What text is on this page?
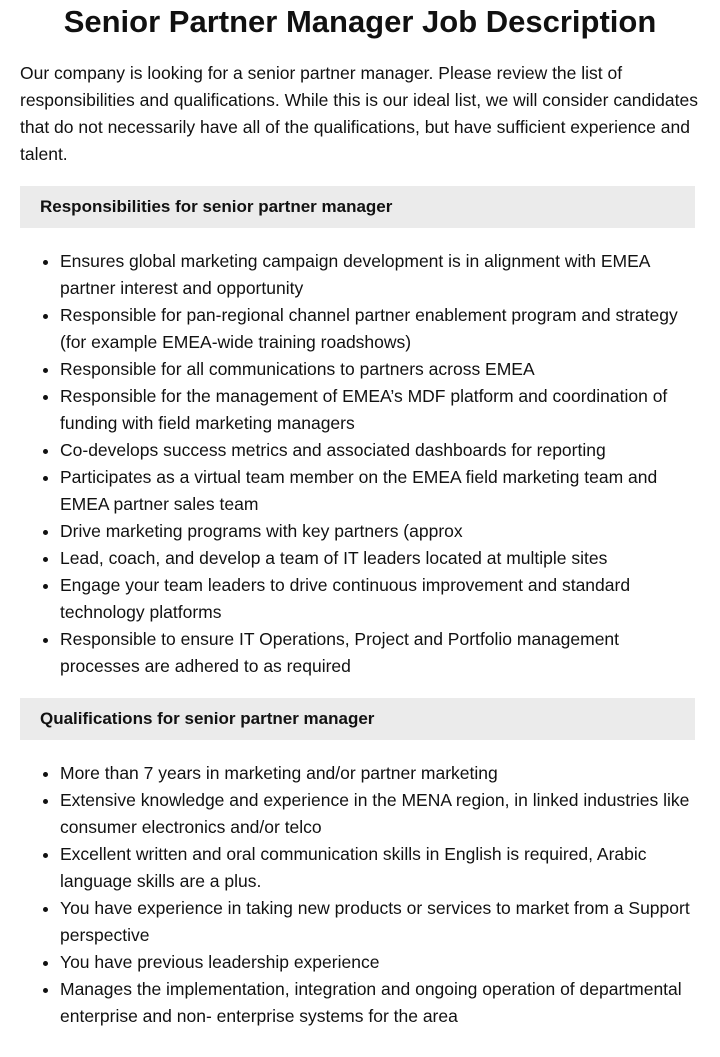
Senior Partner Manager Job Description

Our company is looking for a senior partner manager. Please review the list of responsibilities and qualifications. While this is our ideal list, we will consider candidates that do not necessarily have all of the qualifications, but have sufficient experience and talent.

Responsibilities for senior partner manager
• Ensures global marketing campaign development is in alignment with EMEA partner interest and opportunity
• Responsible for pan-regional channel partner enablement program and strategy (for example EMEA-wide training roadshows)
• Responsible for all communications to partners across EMEA
• Responsible for the management of EMEA’s MDF platform and coordination of funding with field marketing managers
• Co-develops success metrics and associated dashboards for reporting
• Participates as a virtual team member on the EMEA field marketing team and EMEA partner sales team
• Drive marketing programs with key partners (approx
• Lead, coach, and develop a team of IT leaders located at multiple sites
• Engage your team leaders to drive continuous improvement and standard technology platforms
• Responsible to ensure IT Operations, Project and Portfolio management processes are adhered to as required
Qualifications for senior partner manager
• More than 7 years in marketing and/or partner marketing
• Extensive knowledge and experience in the MENA region, in linked industries like consumer electronics and/or telco
• Excellent written and oral communication skills in English is required, Arabic language skills are a plus.
• You have experience in taking new products or services to market from a Support perspective
• You have previous leadership experience
• Manages the implementation, integration and ongoing operation of departmental enterprise and non- enterprise systems for the area
